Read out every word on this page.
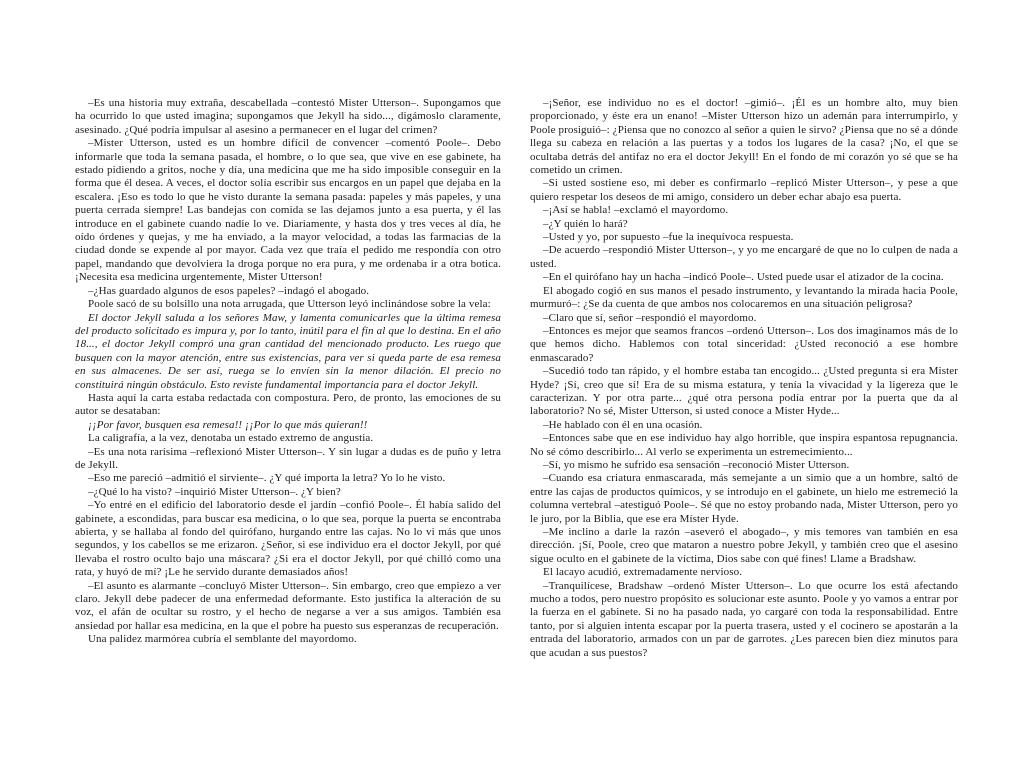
–Es una historia muy extraña, descabellada –contestó Mister Utterson–. Supongamos que ha ocurrido lo que usted imagina; supongamos que Jekyll ha sido..., digámoslo claramente, asesinado. ¿Qué podría impulsar al asesino a permanecer en el lugar del crimen?

–Mister Utterson, usted es un hombre difícil de convencer –comentó Poole–. Debo informarle que toda la semana pasada, el hombre, o lo que sea, que vive en ese gabinete, ha estado pidiendo a gritos, noche y día, una medicina que me ha sido imposible conseguir en la forma que él desea. A veces, el doctor solía escribir sus encargos en un papel que dejaba en la escalera. ¡Eso es todo lo que he visto durante la semana pasada: papeles y más papeles, y una puerta cerrada siempre! Las bandejas con comida se las dejamos junto a esa puerta, y él las introduce en el gabinete cuando nadie lo ve. Diariamente, y hasta dos y tres veces al día, he oído órdenes y quejas, y me ha enviado, a la mayor velocidad, a todas las farmacias de la ciudad donde se expende al por mayor. Cada vez que traía el pedido me respondía con otro papel, mandando que devolviera la droga porque no era pura, y me ordenaba ir a otra botica. ¡Necesita esa medicina urgentemente, Mister Utterson!

–¿Has guardado algunos de esos papeles? –indagó el abogado.

Poole sacó de su bolsillo una nota arrugada, que Utterson leyó inclinándose sobre la vela:

El doctor Jekyll saluda a los señores Maw, y lamenta comunicarles que la última remesa del producto solicitado es impura y, por lo tanto, inútil para el fin al que lo destina. En el año 18..., el doctor Jekyll compró una gran cantidad del mencionado producto. Les ruego que busquen con la mayor atención, entre sus existencias, para ver si queda parte de esa remesa en sus almacenes. De ser así, ruega se lo envíen sin la menor dilación. El precio no constituirá ningún obstáculo. Esto reviste fundamental importancia para el doctor Jekyll.

Hasta aquí la carta estaba redactada con compostura. Pero, de pronto, las emociones de su autor se desataban:

¡¡Por favor, busquen esa remesa!! ¡¡Por lo que más quieran!!

La caligrafía, a la vez, denotaba un estado extremo de angustia.

–Es una nota rarísima –reflexionó Mister Utterson–. Y sin lugar a dudas es de puño y letra de Jekyll.

–Eso me pareció –admitió el sirviente–. ¿Y qué importa la letra? Yo lo he visto.

–¿Qué lo ha visto? –inquirió Mister Utterson–. ¿Y bien?

–Yo entré en el edificio del laboratorio desde el jardín –confió Poole–. Él había salido del gabinete, a escondidas, para buscar esa medicina, o lo que sea, porque la puerta se encontraba abierta, y se hallaba al fondo del quirófano, hurgando entre las cajas. No lo vi más que unos segundos, y los cabellos se me erizaron. ¿Señor, si ese individuo era el doctor Jekyll, por qué llevaba el rostro oculto bajo una máscara? ¿Si era el doctor Jekyll, por qué chilló como una rata, y huyó de mí? ¡Le he servido durante demasiados años!

–El asunto es alarmante –concluyó Mister Utterson–. Sin embargo, creo que empiezo a ver claro. Jekyll debe padecer de una enfermedad deformante. Esto justifica la alteración de su voz, el afán de ocultar su rostro, y el hecho de negarse a ver a sus amigos. También esa ansiedad por hallar esa medicina, en la que el pobre ha puesto sus esperanzas de recuperación.

Una palidez marmórea cubría el semblante del mayordomo.

–¡Señor, ese individuo no es el doctor! –gimió–. ¡Él es un hombre alto, muy bien proporcionado, y éste era un enano! –Mister Utterson hizo un ademán para interrumpirlo, y Poole prosiguió–: ¿Piensa que no conozco al señor a quien le sirvo? ¿Piensa que no sé a dónde llega su cabeza en relación a las puertas y a todos los lugares de la casa? ¡No, el que se ocultaba detrás del antifaz no era el doctor Jekyll! En el fondo de mi corazón yo sé que se ha cometido un crimen.

–Si usted sostiene eso, mi deber es confirmarlo –replicó Mister Utterson–, y pese a que quiero respetar los deseos de mi amigo, considero un deber echar abajo esa puerta.

–¡Así se habla! –exclamó el mayordomo.

–¿Y quién lo hará?

–Usted y yo, por supuesto –fue la inequívoca respuesta.

–De acuerdo –respondió Mister Utterson–, y yo me encargaré de que no lo culpen de nada a usted.

–En el quirófano hay un hacha –indicó Poole–. Usted puede usar el atizador de la cocina.

El abogado cogió en sus manos el pesado instrumento, y levantando la mirada hacia Poole, murmuró–: ¿Se da cuenta de que ambos nos colocaremos en una situación peligrosa?

–Claro que sí, señor –respondió el mayordomo.

–Entonces es mejor que seamos francos –ordenó Utterson–. Los dos imaginamos más de lo que hemos dicho. Hablemos con total sinceridad: ¿Usted reconoció a ese hombre enmascarado?

–Sucedió todo tan rápido, y el hombre estaba tan encogido... ¿Usted pregunta si era Mister Hyde? ¡Sí, creo que sí! Era de su misma estatura, y tenía la vivacidad y la ligereza que le caracterizan. Y por otra parte... ¿qué otra persona podía entrar por la puerta que da al laboratorio? No sé, Mister Utterson, si usted conoce a Mister Hyde...

–He hablado con él en una ocasión.

–Entonces sabe que en ese individuo hay algo horrible, que inspira espantosa repugnancia. No sé cómo describirlo... Al verlo se experimenta un estremecimiento...

–Sí, yo mismo he sufrido esa sensación –reconoció Mister Utterson.

–Cuando esa criatura enmascarada, más semejante a un simio que a un hombre, saltó de entre las cajas de productos químicos, y se introdujo en el gabinete, un hielo me estremeció la columna vertebral –atestiguó Poole–. Sé que no estoy probando nada, Mister Utterson, pero yo le juro, por la Biblia, que ese era Míster Hyde.

–Me inclino a darle la razón –aseveró el abogado–, y mis temores van también en esa dirección. ¡Sí, Poole, creo que mataron a nuestro pobre Jekyll, y también creo que el asesino sigue oculto en el gabinete de la víctima, Dios sabe con qué fines! Llame a Bradshaw.

El lacayo acudió, extremadamente nervioso.

–Tranquilícese, Bradshaw –ordenó Míster Utterson–. Lo que ocurre los está afectando mucho a todos, pero nuestro propósito es solucionar este asunto. Poole y yo vamos a entrar por la fuerza en el gabinete. Si no ha pasado nada, yo cargaré con toda la responsabilidad. Entre tanto, por si alguien intenta escapar por la puerta trasera, usted y el cocinero se apostarán a la entrada del laboratorio, armados con un par de garrotes. ¿Les parecen bien diez minutos para que acudan a sus puestos?
